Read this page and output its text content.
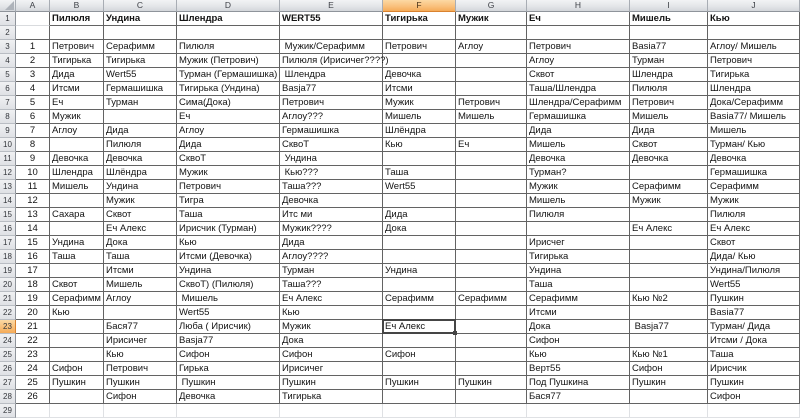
	A	B	C	D	E	F	G	H	I	J
1		Пилюля	Ундина	Шлендра	WERT55	Тигирька	Мужик	Еч	Мишель	Кью
2										
3	1	Петрович	Серафимм	Пилюля	Мужик/Серафимм	Петрович	Аглоу	Петрович	Basia77	Аглоу/ Мишель
4	2	Тигирька	Тигирька	Мужик (Петрович)	Пилюля (Ирисичег????)			Аглоу	Турман	Петрович
5	3	Дида	Wert55	Турман (Гермашишка)	Шлендра	Девочка		Сквот	Шлендра	Тигирька
6	4	Итсми	Гермашишка	Тигирька (Ундина)	Basja77	Итсми		Таша/Шлендра	Пилюля	Шлендра
7	5	Еч	Турман	Сима(Дока)	Петрович	Мужик	Петрович	Шлендра/Серафимм	Петрович	Дока/Серафимм
8	6	Мужик		Еч	Аглоу???	Мишель	Мишель	Гермашишка	Мишель	Basia77/ Мишель
9	7	Аглоу	Дида	Аглоу	Гермашишка	Шлёндра		Дида	Дида	Мишель
10	8		Пилюля	Дида	СквоТ	Кью	Еч	Мишель	Сквот	Турман/ Кью
11	9	Девочка	Девочка	СквоТ	Ундина			Девочка	Девочка	Девочка
12	10	Шлендра	Шлёндра	Мужик	Кью???	Таша		Турман?		Гермашишка
13	11	Мишель	Ундина	Петрович	Таша???	Wert55		Мужик	Серафимм	Серафимм
14	12		Мужик	Тигра	Девочка			Мишель	Мужик	Мужик
15	13	Сахара	Сквот	Таша	Итс ми	Дида		Пилюля		Пилюля
16	14		Еч Алекс	Ирисчик (Турман)	Мужик????	Дока			Еч Алекс	Еч Алекс
17	15	Ундина	Дока	Кью	Дида			Ирисчег		Сквот
18	16	Таша	Таша	Итсми (Девочка)	Аглоу????			Тигирька		Дида/ Кью
19	17		Итсми	Ундина	Турман	Ундина		Ундина		Ундина/Пилюля
20	18	Сквот	Мишель	СквоТ) (Пилюля)	Таша???			Таша		Wert55
21	19	Серафимм	Аглоу	Мишель	Еч Алекс	Серафимм	Серафимм	Серафимм	Кью №2	Пушкин
22	20	Кью		Wert55	Кью			Итсми		Basia77
23	21		Бася77	Люба ( Ирисчик)	Мужик	Еч Алекс		Дока	Basja77	Турман/ Дида
24	22		Ирисичег	Basja77	Дока			Сифон		Итсми / Дока
25	23		Кью	Сифон	Сифон	Сифон		Кью	Кью №1	Таша
26	24	Сифон	Петрович	Гирька	Ирисичег			Верт55	Сифон	Ирисчик
27	25	Пушкин	Пушкин	Пушкин	Пушкин	Пушкин	Пушкин	Под Пушкина	Пушкин	Пушкин
28	26		Сифон	Девочка	Тигирька			Бася77		Сифон
29										
